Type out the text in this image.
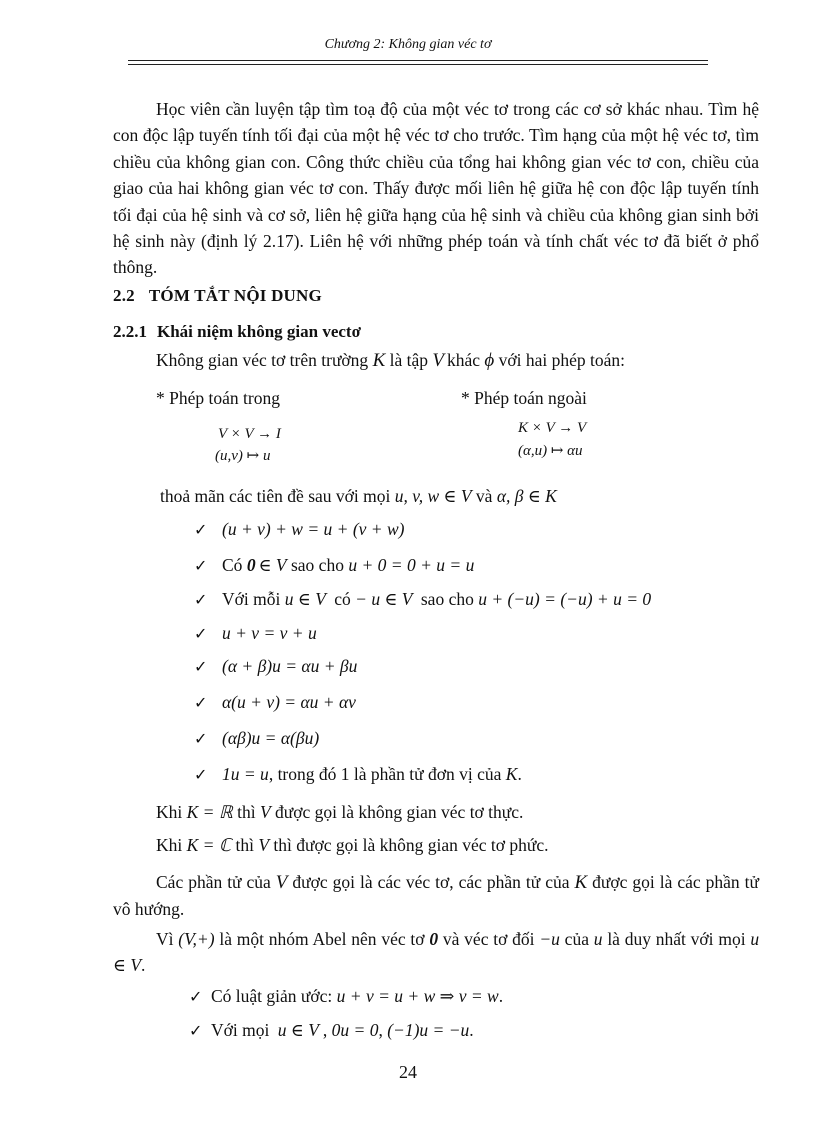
Chương 2: Không gian véc tơ
Học viên cần luyện tập tìm toạ độ của một véc tơ trong các cơ sở khác nhau. Tìm hệ con độc lập tuyến tính tối đại của một hệ véc tơ cho trước. Tìm hạng của một hệ véc tơ, tìm chiều của không gian con. Công thức chiều của tổng hai không gian véc tơ con, chiều của giao của hai không gian véc tơ con. Thấy được mối liên hệ giữa hệ con độc lập tuyến tính tối đại của hệ sinh và cơ sở, liên hệ giữa hạng của hệ sinh và chiều của không gian sinh bởi hệ sinh này (định lý 2.17). Liên hệ với những phép toán và tính chất véc tơ đã biết ở phổ thông.
2.2 TÓM TẮT NỘI DUNG
2.2.1 Khái niệm không gian vectơ
Không gian véc tơ trên trường K là tập V khác ϕ với hai phép toán:
* Phép toán trong	* Phép toán ngoài
V × V → I
(u,v) ↦ u
K × V → V
(α,u) ↦ αu
thoả mãn các tiên đề sau với mọi u, v, w ∈ V và α, β ∈ K
✓ (u + v) + w = u + (v + w)
✓ Có 0 ∈ V sao cho u + 0 = 0 + u = u
✓ Với mỗi u ∈ V có − u ∈ V sao cho u + (−u) = (−u) + u = 0
✓ u + v = v + u
✓ (α + β)u = αu + βu
✓ α(u + v) = αu + αv
✓ (αβ)u = α(βu)
✓ 1u = u, trong đó 1 là phần tử đơn vị của K.
Khi K = ℝ thì V được gọi là không gian véc tơ thực.
Khi K = ℂ thì V thì được gọi là không gian véc tơ phức.
Các phần tử của V được gọi là các véc tơ, các phần tử của K được gọi là các phần tử vô hướng.
Vì (V,+) là một nhóm Abel nên véc tơ 0 và véc tơ đối −u của u là duy nhất với mọi u ∈ V.
✓ Có luật giản ước: u + v = u + w ⇒ v = w.
✓ Với mọi u ∈ V , 0u = 0, (−1)u = −u.
24
